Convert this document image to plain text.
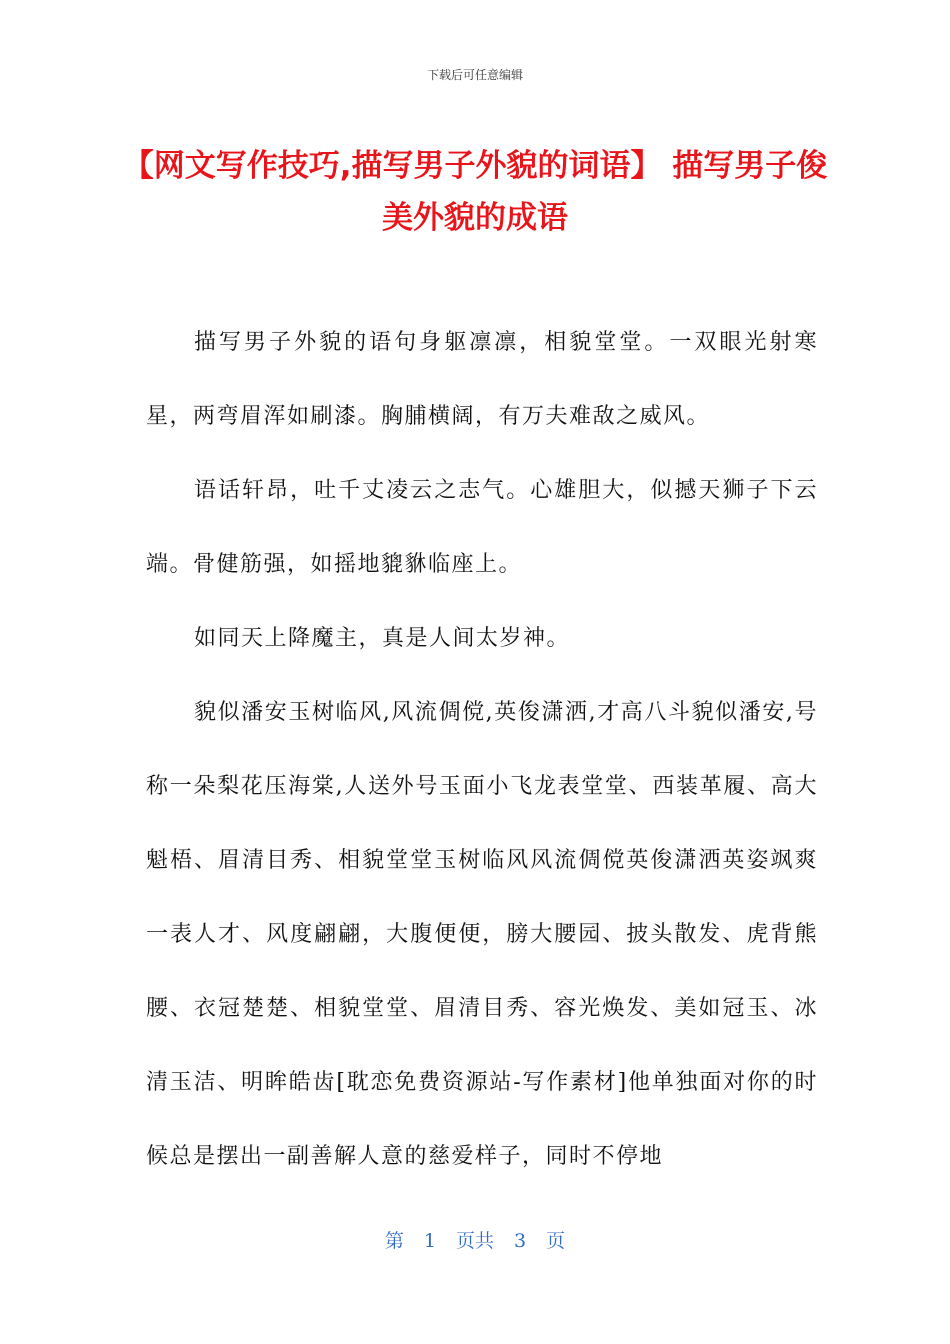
下载后可任意编辑
【网文写作技巧,描写男子外貌的词语】 描写男子俊美外貌的成语

描写男子外貌的语句身躯凛凛，相貌堂堂。一双眼光射寒星，两弯眉浑如刷漆。胸脯横阔，有万夫难敌之威风。

语话轩昂，吐千丈凌云之志气。心雄胆大，似撼天狮子下云端。骨健筋强，如摇地貔貅临座上。

如同天上降魔主，真是人间太岁神。

貌似潘安玉树临风,风流倜傥,英俊潇洒,才高八斗貌似潘安,号称一朵梨花压海棠,人送外号玉面小飞龙表堂堂、西装革履、高大魁梧、眉清目秀、相貌堂堂玉树临风风流倜傥英俊潇洒英姿飒爽一表人才、风度翩翩，大腹便便，膀大腰园、披头散发、虎背熊腰、衣冠楚楚、相貌堂堂、眉清目秀、容光焕发、美如冠玉、冰清玉洁、明眸皓齿[耽恋免费资源站-写作素材]他单独面对你的时候总是摆出一副善解人意的慈爱样子，同时不停地

第 1 页共 3 页
